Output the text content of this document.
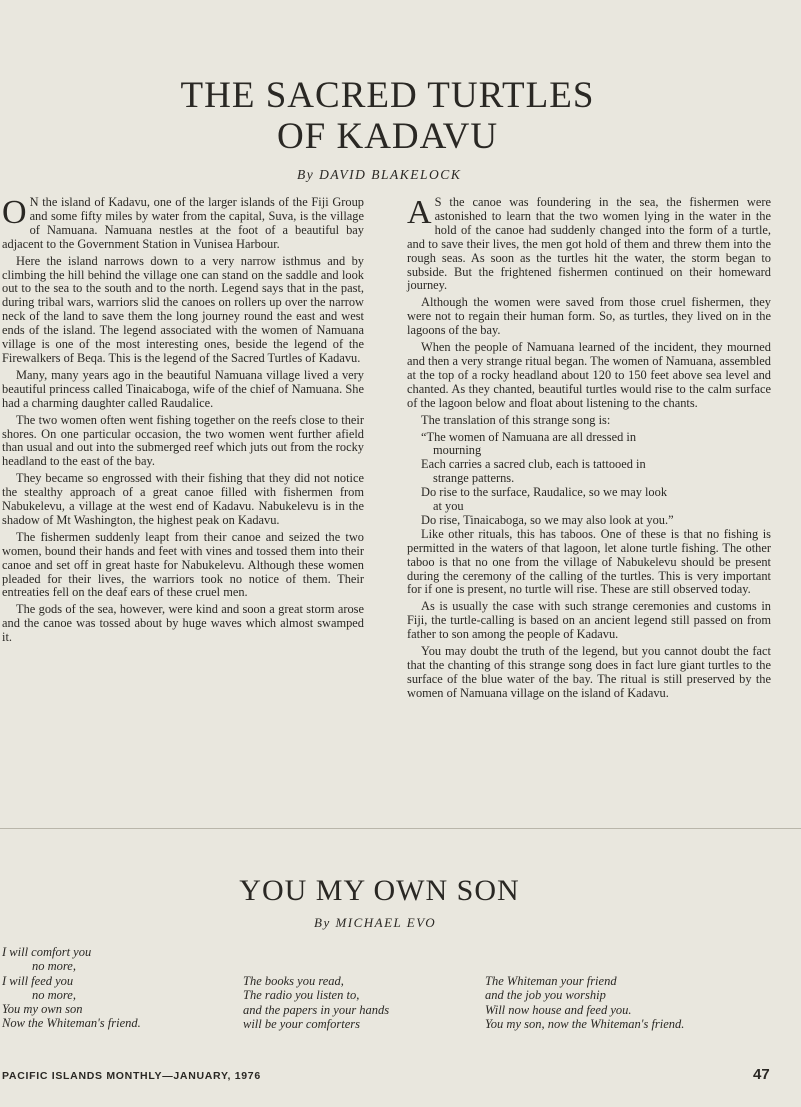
THE SACRED TURTLES
OF KADAVU
By DAVID BLAKELOCK

O N the island of Kadavu, one of the larger islands of the Fiji Group and some fifty miles by water from the capital, Suva, is the village of Namuana. Namuana nestles at the foot of a beautiful bay adjacent to the Government Station in Vunisea Harbour.

Here the island narrows down to a very narrow isthmus and by climbing the hill behind the village one can stand on the saddle and look out to the sea to the south and to the north. Legend says that in the past, during tribal wars, warriors slid the canoes on rollers up over the narrow neck of the land to save them the long journey round the east and west ends of the island. The legend associated with the women of Namuana village is one of the most interesting ones, beside the legend of the Firewalkers of Beqa. This is the legend of the Sacred Turtles of Kadavu.

Many, many years ago in the beautiful Namuana village lived a very beautiful princess called Tinaicaboga, wife of the chief of Namuana. She had a charming daughter called Raudalice.

The two women often went fishing together on the reefs close to their shores. On one particular occasion, the two women went further afield than usual and out into the submerged reef which juts out from the rocky headland to the east of the bay.

They became so engrossed with their fishing that they did not notice the stealthy approach of a great canoe filled with fishermen from Nabukelevu, a village at the west end of Kadavu. Nabukelevu is in the shadow of Mt Washington, the highest peak on Kadavu.

The fishermen suddenly leapt from their canoe and seized the two women, bound their hands and feet with vines and tossed them into their canoe and set off in great haste for Nabukelevu. Although these women pleaded for their lives, the warriors took no notice of them. Their entreaties fell on the deaf ears of these cruel men.

The gods of the sea, however, were kind and soon a great storm arose and the canoe was tossed about by huge waves which almost swamped it.

A S the canoe was foundering in the sea, the fishermen were astonished to learn that the two women lying in the water in the hold of the canoe had suddenly changed into the form of a turtle, and to save their lives, the men got hold of them and threw them into the rough seas. As soon as the turtles hit the water, the storm began to subside. But the frightened fishermen continued on their homeward journey.

Although the women were saved from those cruel fishermen, they were not to regain their human form. So, as turtles, they lived on in the lagoons of the bay.

When the people of Namuana learned of the incident, they mourned and then a very strange ritual began. The women of Namuana, assembled at the top of a rocky headland about 120 to 150 feet above sea level and chanted. As they chanted, beautiful turtles would rise to the calm surface of the lagoon below and float about listening to the chants.

The translation of this strange song is:

“The women of Namuana are all dressed in
mourning
Each carries a sacred club, each is tattooed in
strange patterns.
Do rise to the surface, Raudalice, so we may look
at you
Do rise, Tinaicaboga, so we may also look at you.”

Like other rituals, this has taboos. One of these is that no fishing is permitted in the waters of that lagoon, let alone turtle fishing. The other taboo is that no one from the village of Nabukelevu should be present during the ceremony of the calling of the turtles. This is very important for if one is present, no turtle will rise. These are still observed today.

As is usually the case with such strange ceremonies and customs in Fiji, the turtle-calling is based on an ancient legend still passed on from father to son among the people of Kadavu.

You may doubt the truth of the legend, but you cannot doubt the fact that the chanting of this strange song does in fact lure giant turtles to the surface of the blue water of the bay. The ritual is still preserved by the women of Namuana village on the island of Kadavu.

YOU MY OWN SON
By MICHAEL EVO
I will comfort you
no more,
I will feed you
no more,
You my own son
Now the Whiteman's friend.
The books you read,
The radio you listen to,
and the papers in your hands
will be your comforters
The Whiteman your friend
and the job you worship
Will now house and feed you.
You my son, now the Whiteman's friend.
PACIFIC ISLANDS MONTHLY—JANUARY, 1976	47
